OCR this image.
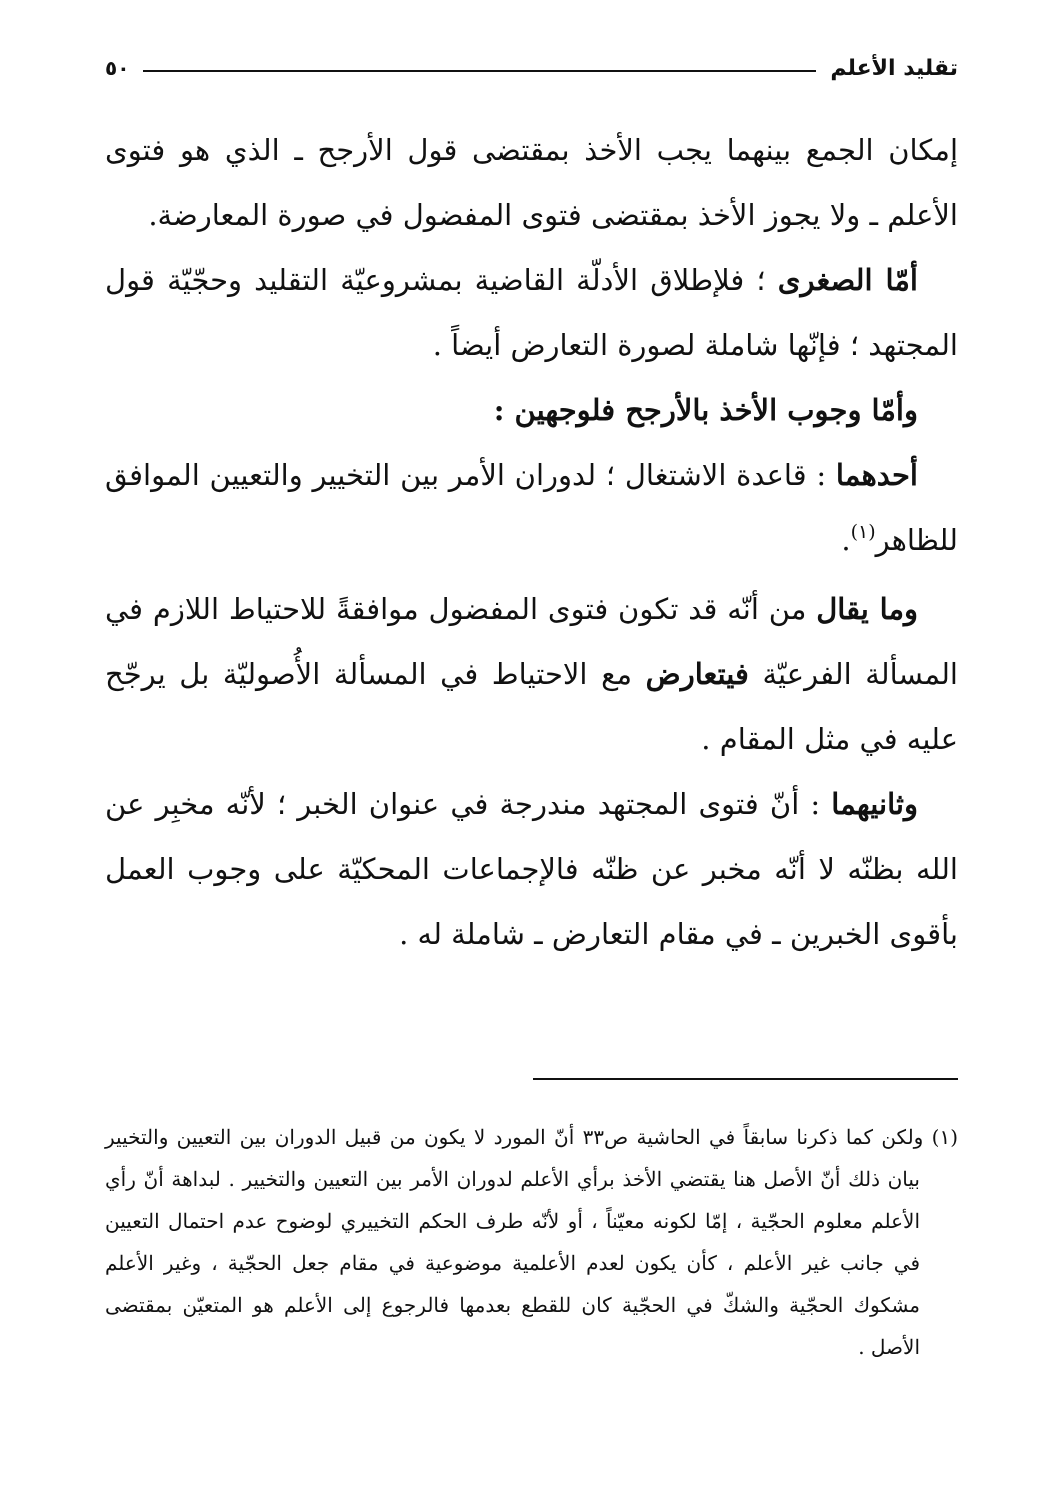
تقليد الأعلم
٥٠

إمكان الجمع بينهما يجب الأخذ بمقتضى قول الأرجح ـ الذي هو فتوى الأعلم ـ ولا يجوز الأخذ بمقتضى فتوى المفضول في صورة المعارضة.

أمّا الصغرى ؛ فلإطلاق الأدلّة القاضية بمشروعيّة التقليد وحجّيّة قول المجتهد ؛ فإنّها شاملة لصورة التعارض أيضاً .

وأمّا وجوب الأخذ بالأرجح فلوجهين :

أحدهما : قاعدة الاشتغال ؛ لدوران الأمر بين التخيير والتعيين الموافق للظاهر$^{(١)}$.

وما يقال من أنّه قد تكون فتوى المفضول موافقةً للاحتياط اللازم في المسألة الفرعيّة فيتعارض مع الاحتياط في المسألة الأُصوليّة بل يرجّح عليه في مثل المقام .

وثانيهما : أنّ فتوى المجتهد مندرجة في عنوان الخبر ؛ لأنّه مخبِر عن الله بظنّه لا أنّه مخبر عن ظنّه فالإجماعات المحكيّة على وجوب العمل بأقوى الخبرين ـ في مقام التعارض ـ شاملة له .

(١) ولكن كما ذكرنا سابقاً في الحاشية ص٣٣ أنّ المورد لا يكون من قبيل الدوران بين التعيين والتخيير بيان ذلك أنّ الأصل هنا يقتضي الأخذ برأي الأعلم لدوران الأمر بين التعيين والتخيير . لبداهة أنّ رأي الأعلم معلوم الحجّية ، إمّا لكونه معيّناً ، أو لأنّه طرف الحكم التخييري لوضوح عدم احتمال التعيين في جانب غير الأعلم ، كأن يكون لعدم الأعلمية موضوعية في مقام جعل الحجّية ، وغير الأعلم مشكوك الحجّية والشكّ في الحجّية كان للقطع بعدمها فالرجوع إلى الأعلم هو المتعيّن بمقتضى الأصل .
